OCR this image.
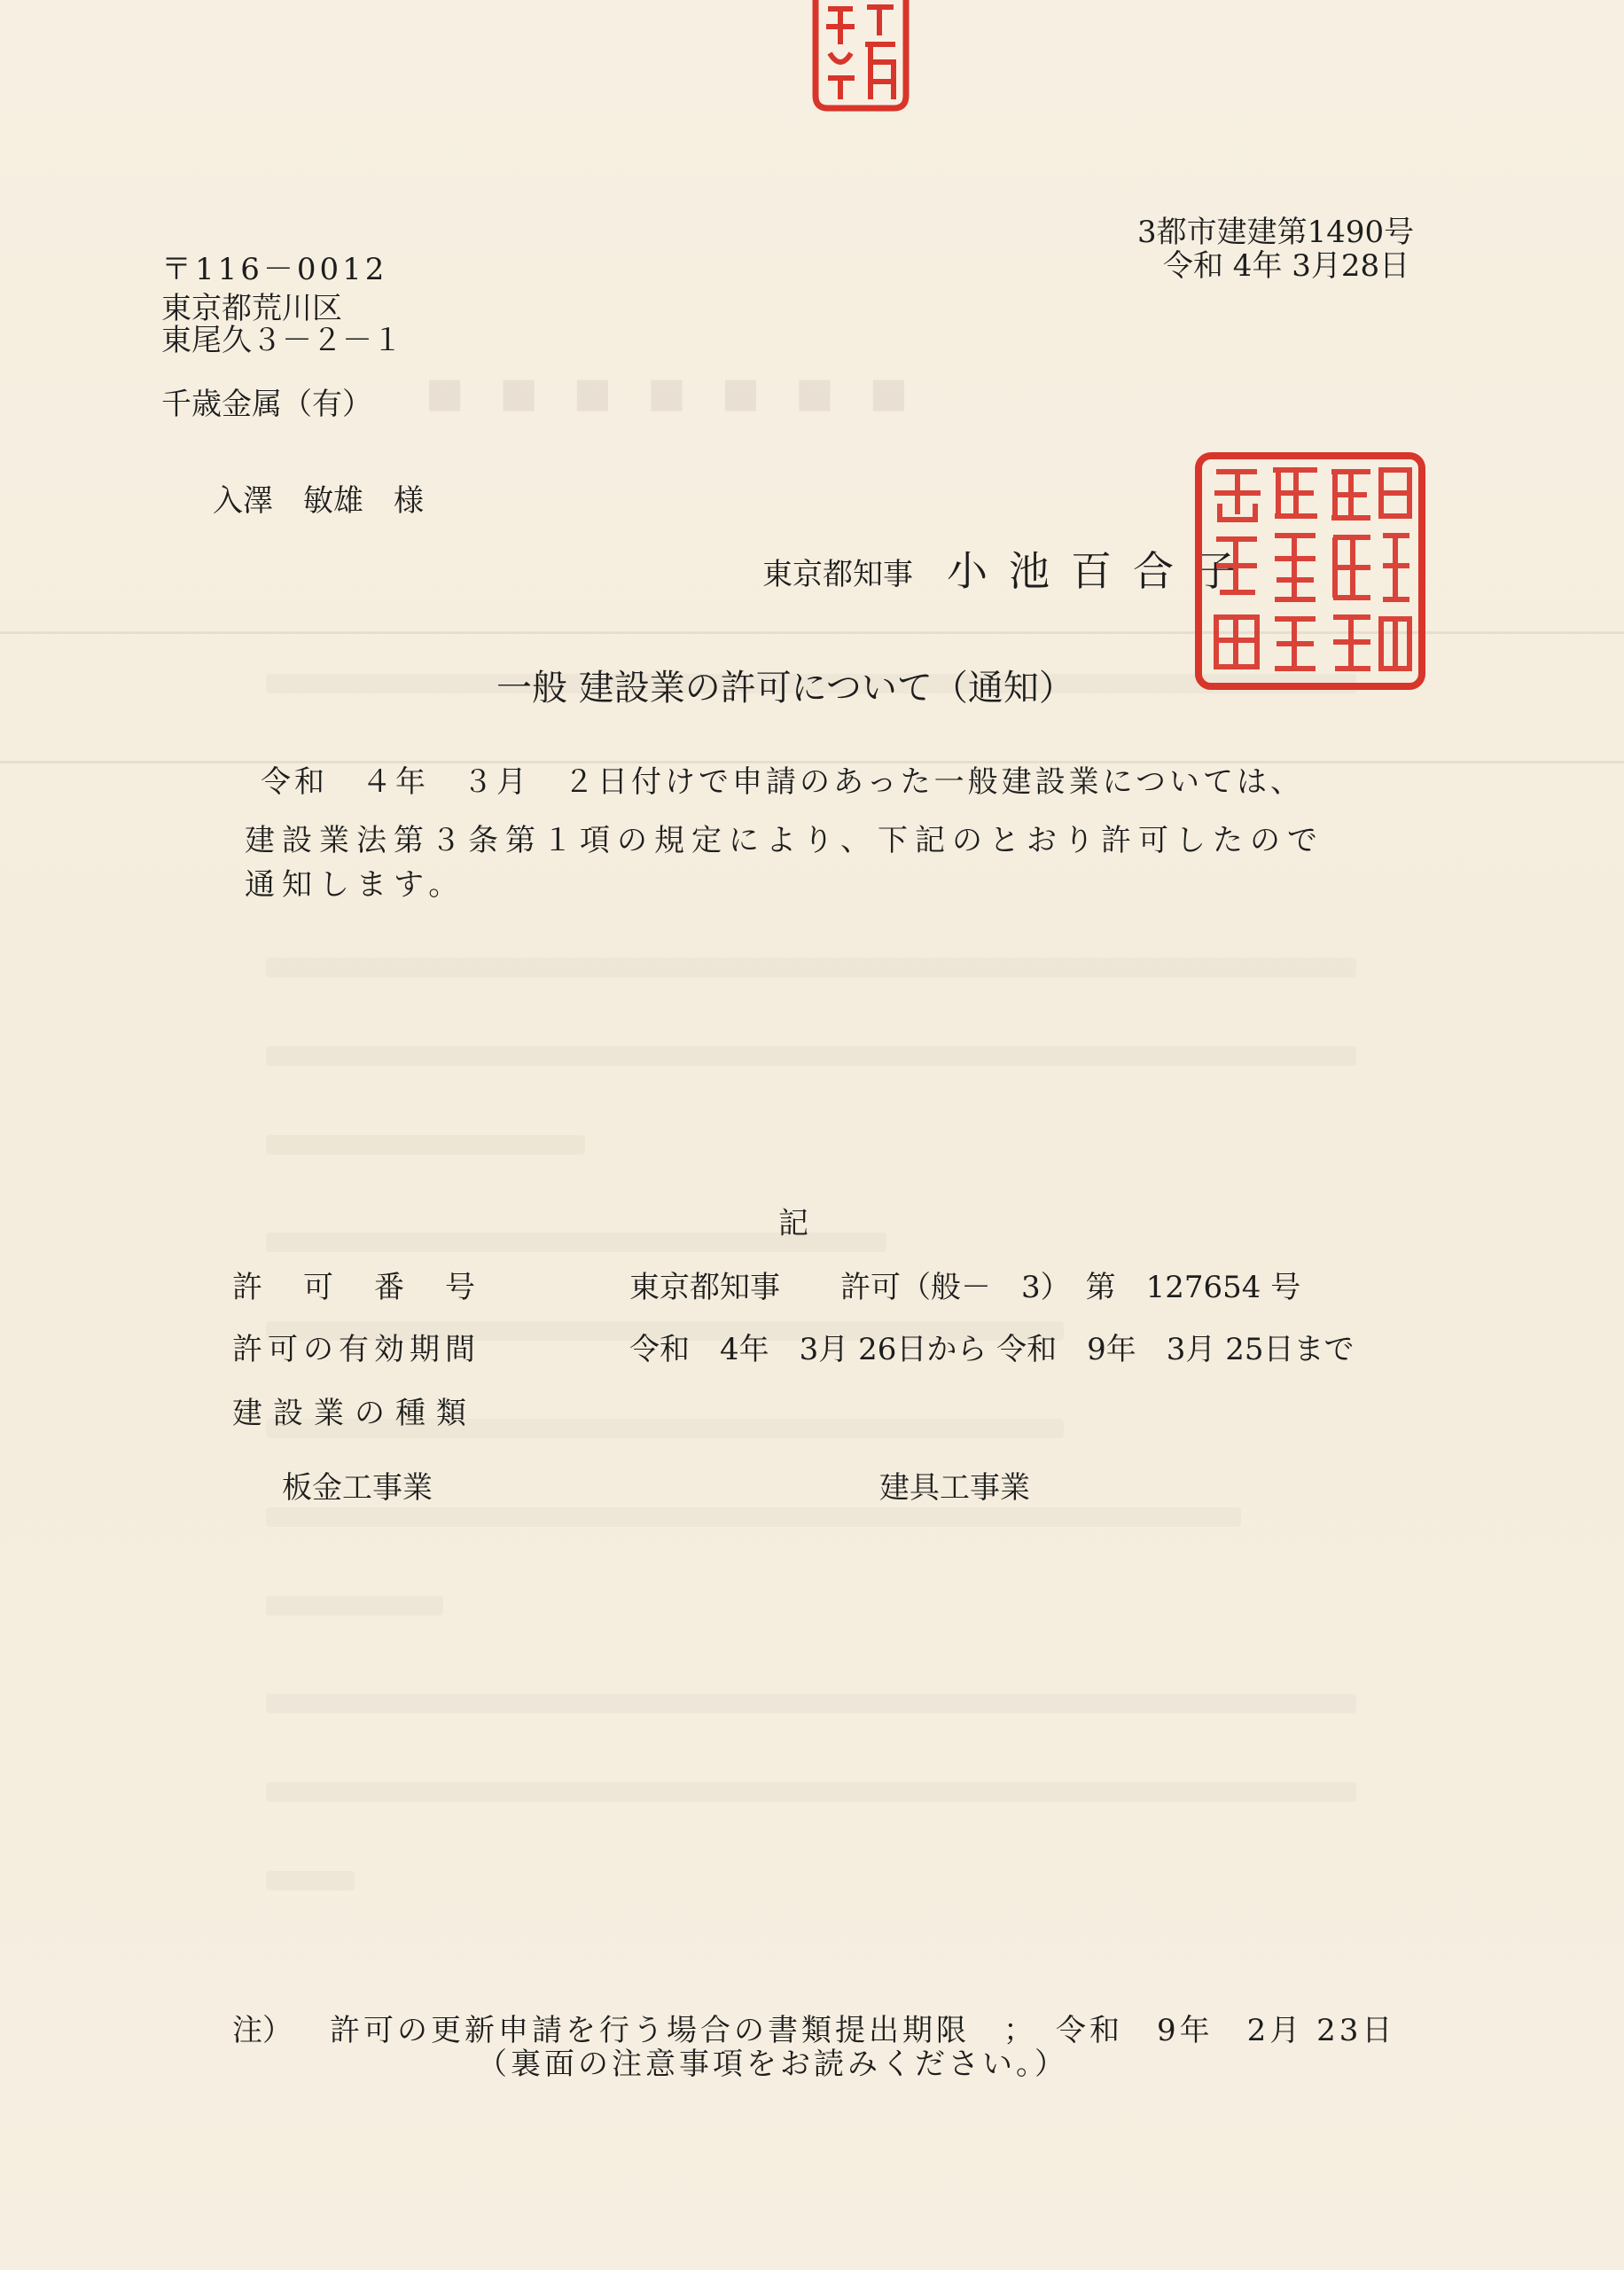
■■■■■■■
3都市建建第1490号
令和 4年 3月28日
〒116－0012
東京都荒川区
東尾久３－２－１
千歳金属（有）
入澤　敏雄　様
東京都知事 小池百合子
一般 建設業の許可について（通知）
令和　４年　３月　２日付けで申請のあった一般建設業については、
建設業法第３条第１項の規定により、下記のとおり許可したので
通知します。
記
許　可　番　号	東京都知事　　許可（般－　3）　第　127654 号
許可の有効期間	令和　4年　3月 26日から 令和　9年　3月 25日まで
建設業の種類
板金工事業	建具工事業
注） 許可の更新申請を行う場合の書類提出期限　；　令和　9年　2月 23日
（裏面の注意事項をお読みください。）
